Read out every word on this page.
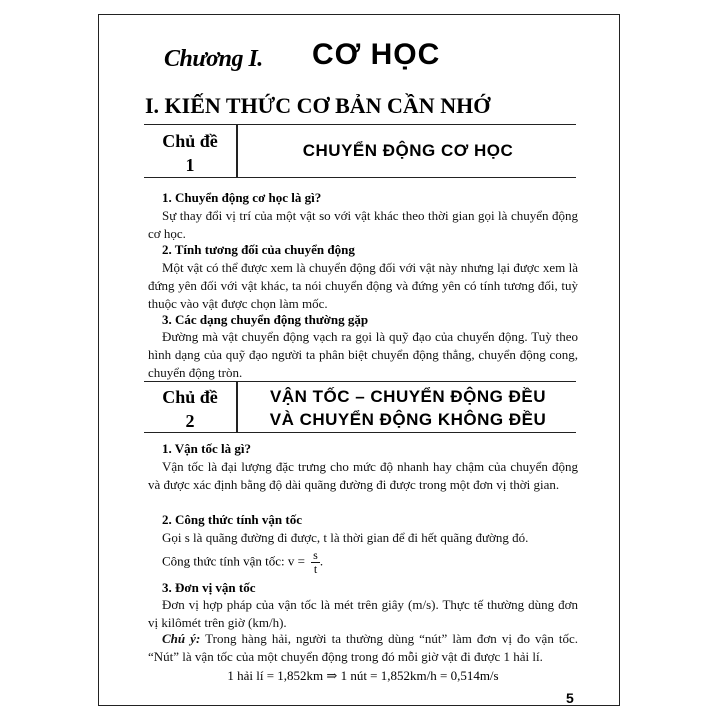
Chương I. CƠ HỌC
I. KIẾN THỨC CƠ BẢN CẦN NHỚ
Chủ đề
1
CHUYỂN ĐỘNG CƠ HỌC
1. Chuyển động cơ học là gì?
Sự thay đổi vị trí của một vật so với vật khác theo thời gian gọi là chuyển động cơ học.
2. Tính tương đối của chuyển động
Một vật có thể được xem là chuyển động đối với vật này nhưng lại được xem là đứng yên đối với vật khác, ta nói chuyển động và đứng yên có tính tương đối, tuỳ thuộc vào vật được chọn làm mốc.
3. Các dạng chuyển động thường gặp
Đường mà vật chuyển động vạch ra gọi là quỹ đạo của chuyển động. Tuỳ theo hình dạng của quỹ đạo người ta phân biệt chuyển động thẳng, chuyển động cong, chuyển động tròn.
Chủ đề
2
VẬN TỐC – CHUYỂN ĐỘNG ĐỀU
VÀ CHUYỂN ĐỘNG KHÔNG ĐỀU
1. Vận tốc là gì?
Vận tốc là đại lượng đặc trưng cho mức độ nhanh hay chậm của chuyển động và được xác định bằng độ dài quãng đường đi được trong một đơn vị thời gian.
2. Công thức tính vận tốc
Gọi s là quãng đường đi được, t là thời gian để đi hết quãng đường đó.
Công thức tính vận tốc: $v = \frac{s}{t}$ .
3. Đơn vị vận tốc
Đơn vị hợp pháp của vận tốc là mét trên giây (m/s). Thực tế thường dùng đơn vị kilômét trên giờ (km/h).
Chú ý: Trong hàng hải, người ta thường dùng “nút” làm đơn vị đo vận tốc. “Nút” là vận tốc của một chuyển động trong đó mỗi giờ vật đi được 1 hải lí.
1 hải lí = 1,852km ⇒ 1 nút = 1,852km/h = 0,514m/s
5
